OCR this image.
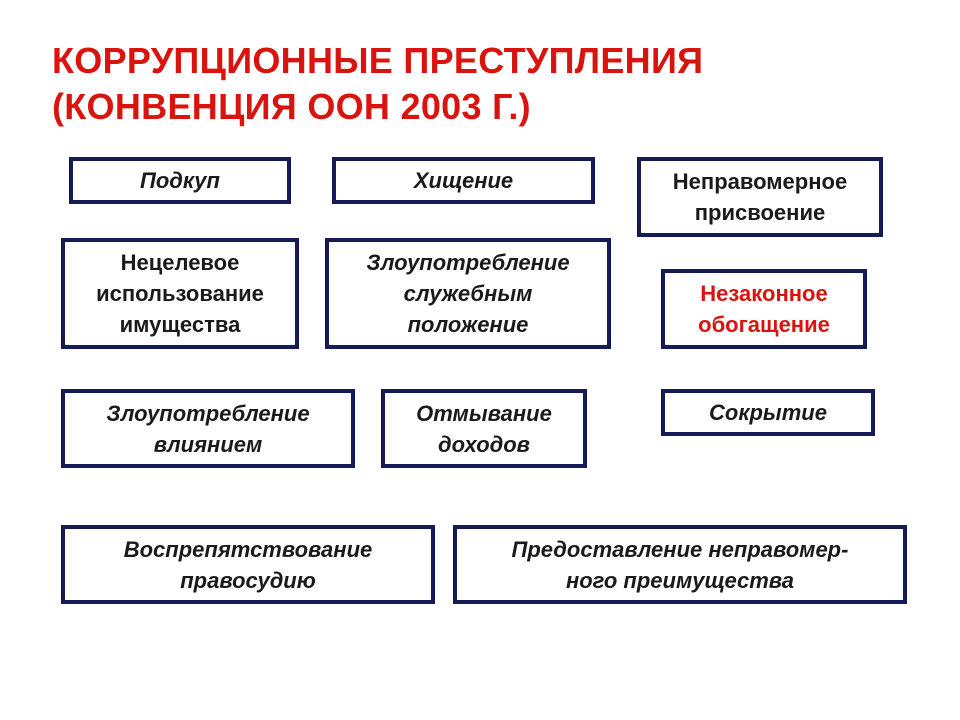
КОРРУПЦИОННЫЕ ПРЕСТУПЛЕНИЯ
(КОНВЕНЦИЯ ООН 2003 Г.)
Подкуп	Хищение	Неправомерное
присвоение
Нецелевое
использование
имущества
Злоупотребление
служебным
положение
Незаконное
обогащение
Злоупотребление
влиянием
Отмывание
доходов
Сокрытие
Воспрепятствование
правосудию
Предоставление неправомер-
ного преимущества
